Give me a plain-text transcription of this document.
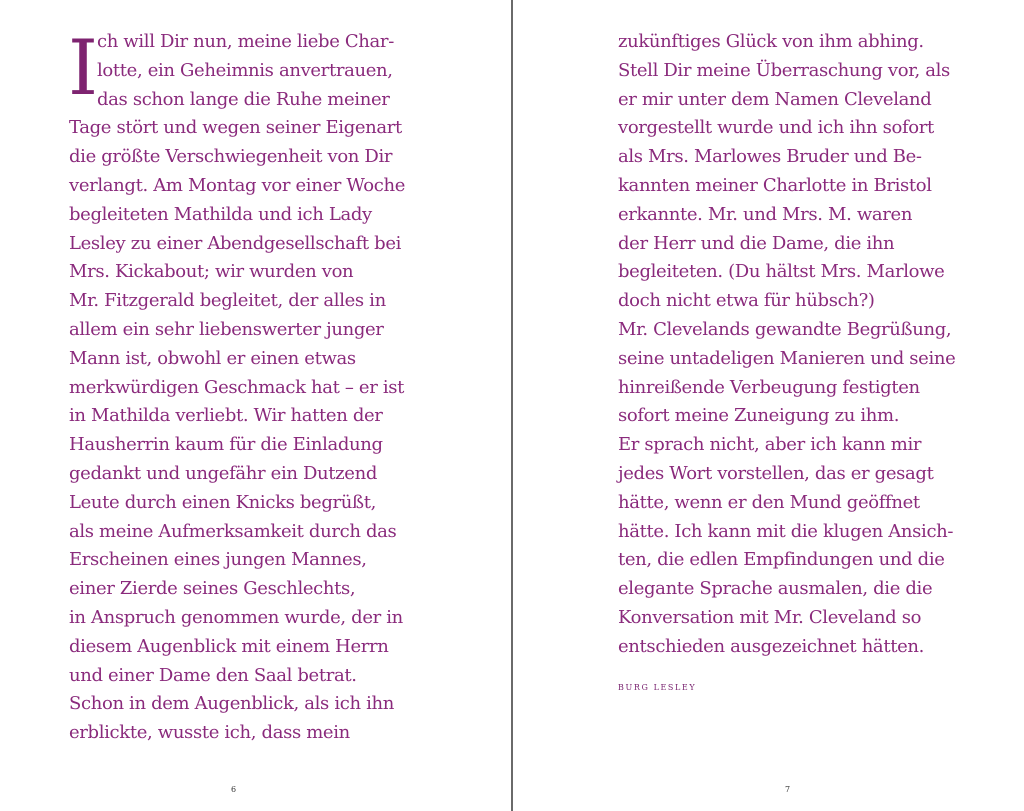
I
ch will Dir nun, meine liebe Char-
lotte, ein Geheimnis anvertrauen,
das schon lange die Ruhe meiner
Tage stört und wegen seiner Eigenart
die größte Verschwiegenheit von Dir
verlangt. Am Montag vor einer Woche
begleiteten Mathilda und ich Lady
Lesley zu einer Abendgesellschaft bei
Mrs. Kickabout; wir wurden von
Mr. Fitzgerald begleitet, der alles in
allem ein sehr liebenswerter junger
Mann ist, obwohl er einen etwas
merkwürdigen Geschmack hat – er ist
in Mathilda verliebt. Wir hatten der
Hausherrin kaum für die Einladung
gedankt und ungefähr ein Dutzend
Leute durch einen Knicks begrüßt,
als meine Aufmerksamkeit durch das
Erscheinen eines jungen Mannes,
einer Zierde seines Geschlechts,
in Anspruch genommen wurde, der in
diesem Augenblick mit einem Herrn
und einer Dame den Saal betrat.
Schon in dem Augenblick, als ich ihn
erblickte, wusste ich, dass mein
6
zukünftiges Glück von ihm abhing.
Stell Dir meine Überraschung vor, als
er mir unter dem Namen Cleveland
vorgestellt wurde und ich ihn sofort
als Mrs. Marlowes Bruder und Be-
kannten meiner Charlotte in Bristol
erkannte. Mr. und Mrs. M. waren
der Herr und die Dame, die ihn
begleiteten. (Du hältst Mrs. Marlowe
doch nicht etwa für hübsch?)
Mr. Clevelands gewandte Begrüßung,
seine untadeligen Manieren und seine
hinreißende Verbeugung festigten
sofort meine Zuneigung zu ihm.
Er sprach nicht, aber ich kann mir
jedes Wort vorstellen, das er gesagt
hätte, wenn er den Mund geöffnet
hätte. Ich kann mit die klugen Ansich-
ten, die edlen Empfindungen und die
elegante Sprache ausmalen, die die
Konversation mit Mr. Cleveland so
entschieden ausgezeichnet hätten.
BURG LESLEY
7
